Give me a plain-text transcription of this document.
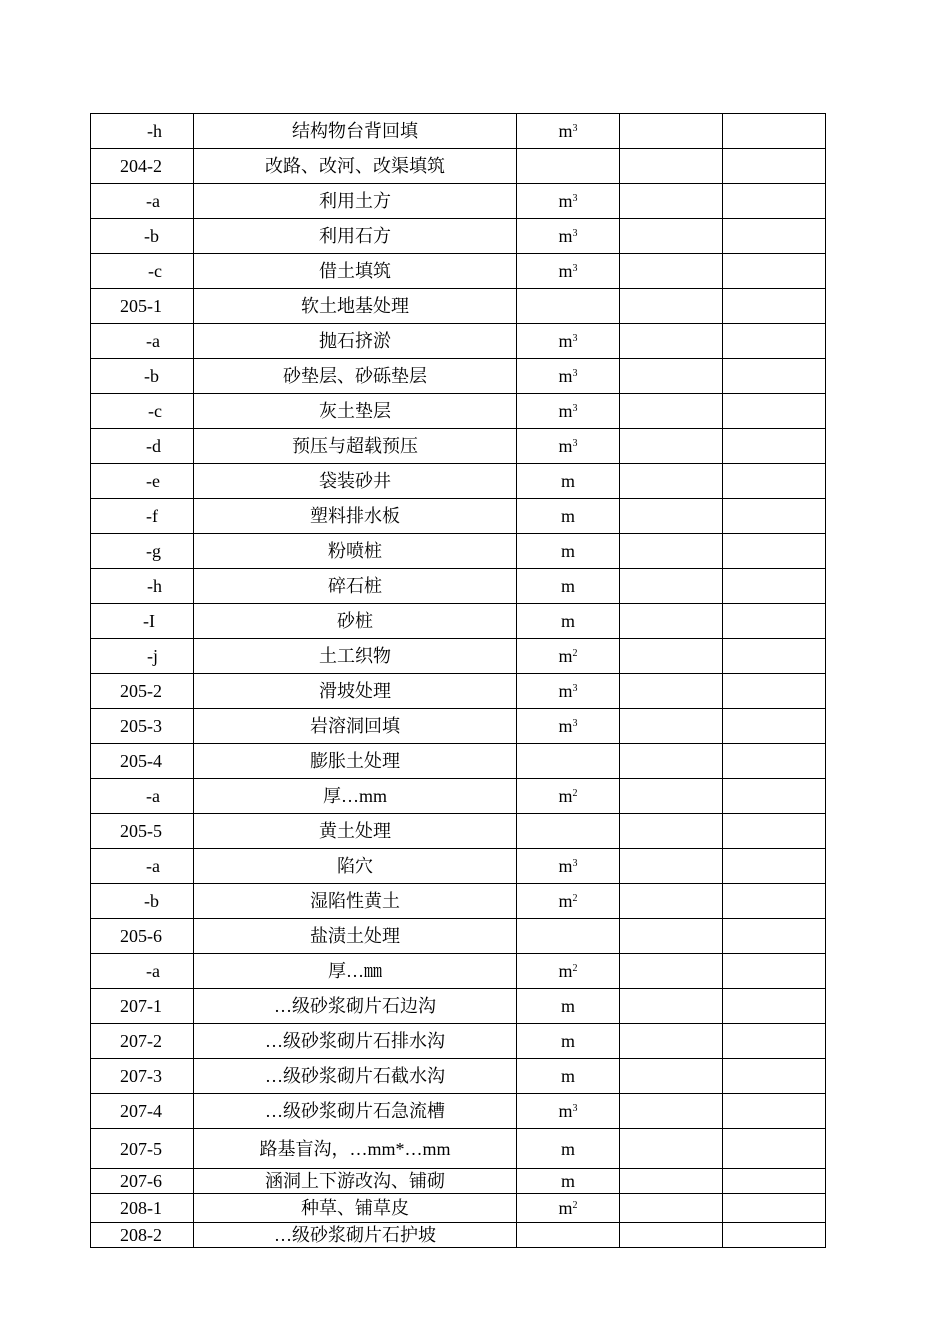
-h	结构物台背回填	$m^3$		
204-2	改路、改河、改渠填筑			
-a	利用土方	$m^3$		
-b	利用石方	$m^3$		
-c	借土填筑	$m^3$		
205-1	软土地基处理			
-a	抛石挤淤	$m^3$		
-b	砂垫层、砂砾垫层	$m^3$		
-c	灰土垫层	$m^3$		
-d	预压与超载预压	$m^3$		
-e	袋装砂井	m		
-f	塑料排水板	m		
-g	粉喷桩	m		
-h	碎石桩	m		
-I	砂桩	m		
-j	土工织物	$m^2$		
205-2	滑坡处理	$m^3$		
205-3	岩溶洞回填	$m^3$		
205-4	膨胀土处理			
-a	厚…mm	$m^2$		
205-5	黄土处理			
-a	陷穴	$m^3$		
-b	湿陷性黄土	$m^2$		
205-6	盐渍土处理			
-a	厚…㎜	$m^2$		
207-1	…级砂浆砌片石边沟	m		
207-2	…级砂浆砌片石排水沟	m		
207-3	…级砂浆砌片石截水沟	m		
207-4	…级砂浆砌片石急流槽	$m^3$		
207-5	路基盲沟，…mm*…mm	m		
207-6	涵洞上下游改沟、铺砌	m		
208-1	种草、铺草皮	$m^2$		
208-2	…级砂浆砌片石护坡			
